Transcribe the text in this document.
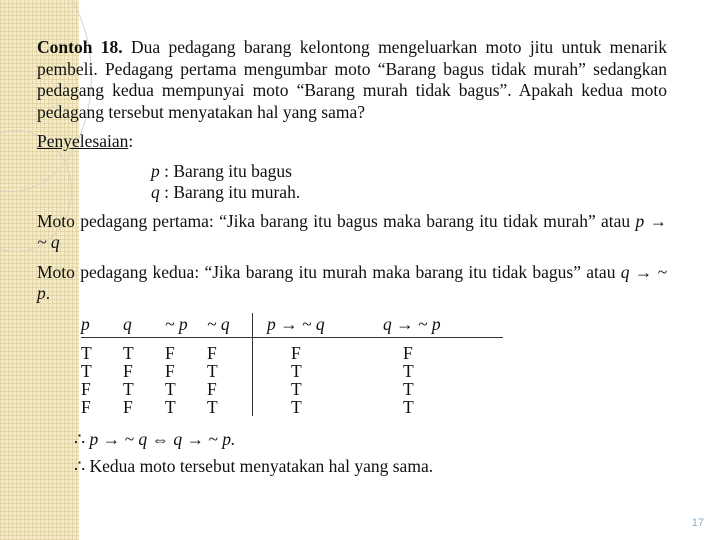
Contoh 18. Dua pedagang barang kelontong mengeluarkan moto jitu untuk menarik pembeli. Pedagang pertama mengumbar moto “Barang bagus tidak murah” sedangkan pedagang kedua mempunyai moto “Barang murah tidak bagus”. Apakah kedua moto pedagang tersebut menyatakan hal yang sama?

Penyelesaian:
p : Barang itu bagus
q : Barang itu murah.

Moto pedagang pertama: “Jika barang itu bagus maka barang itu tidak murah” atau p → ~ q

Moto pedagang kedua: “Jika barang itu murah maka barang itu tidak bagus” atau q → ~ p.

p	q	~ p	~ q	p → ~ q	q → ~ p
T	T	F	F	F	F
T	F	F	T	T	T
F	T	T	F	T	T
F	F	T	T	T	T
∴ p → ~ q ⇔ q → ~ p.
∴ Kedua moto tersebut menyatakan hal yang sama.
17
